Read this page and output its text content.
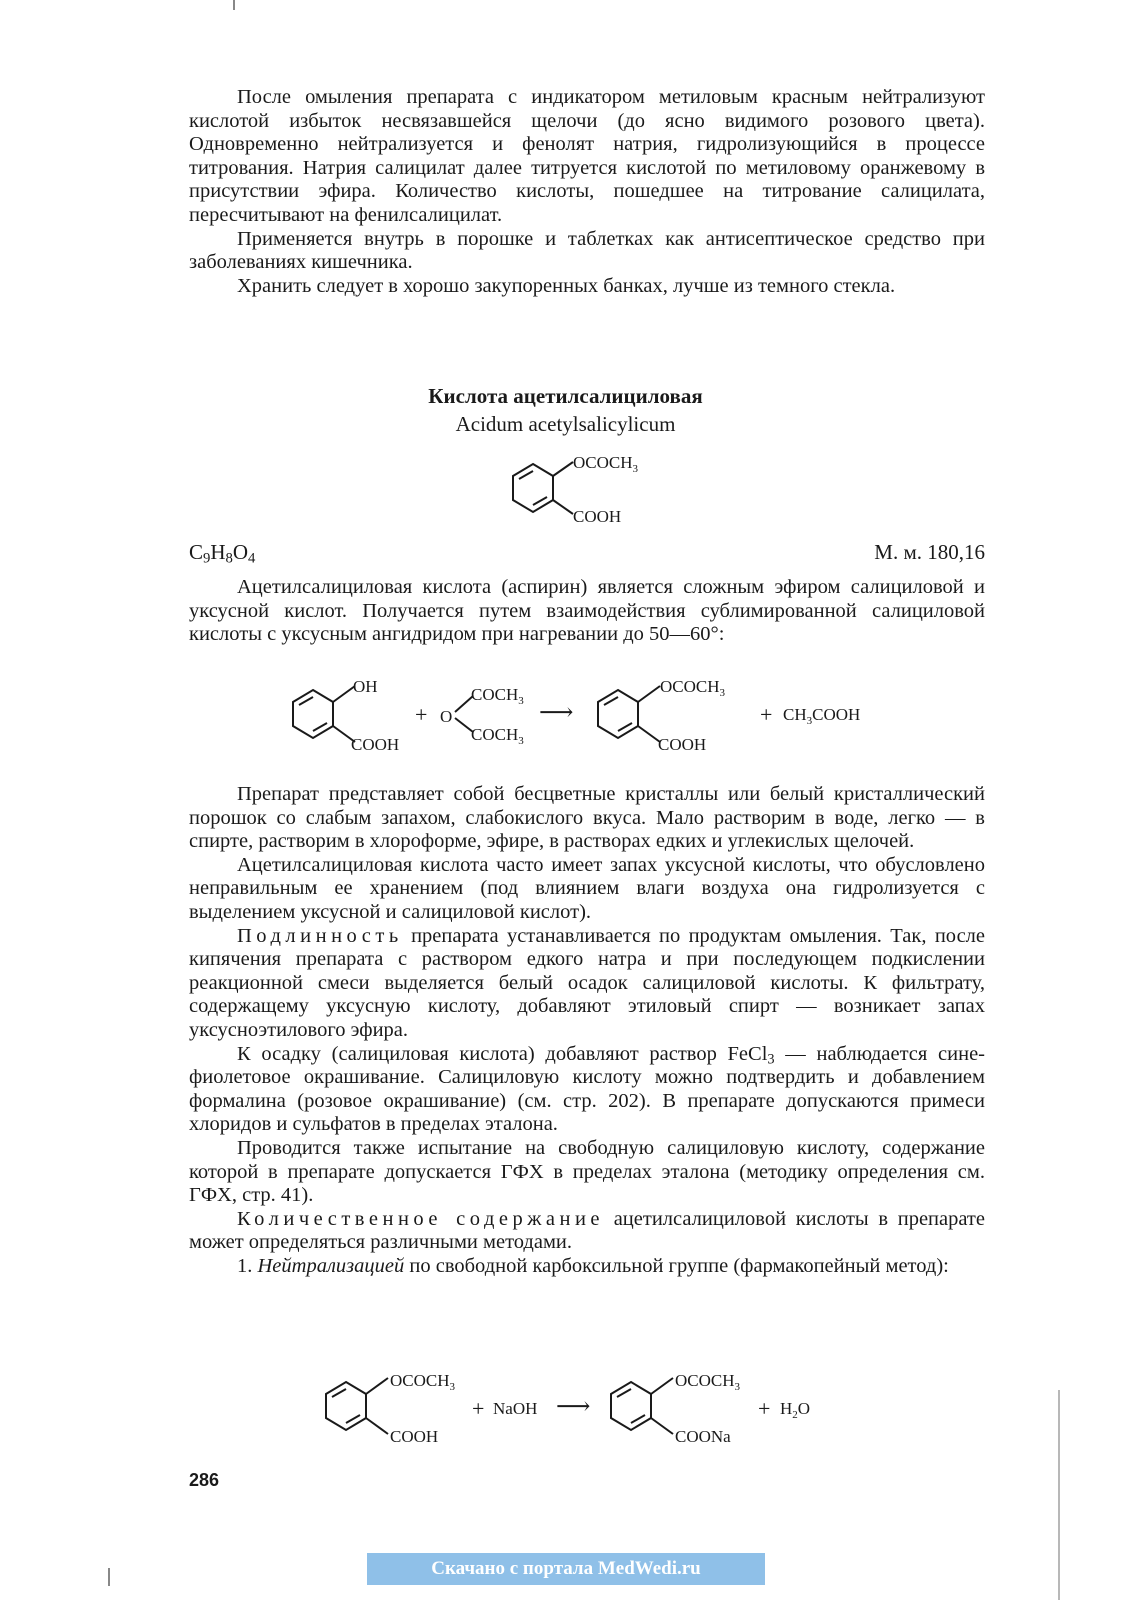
После омыления препарата с индикатором метиловым красным нейтрализуют кислотой избыток несвязавшейся щелочи (до ясно видимого розового цвета). Одновременно нейтрализуется и фенолят натрия, гидролизующийся в процессе титрования. Натрия салицилат далее титруется кислотой по метиловому оранжевому в присутствии эфира. Количество кислоты, пошедшее на титрование салицилата, пересчитывают на фенилсалицилат.

Применяется внутрь в порошке и таблетках как антисептическое средство при заболеваниях кишечника.

Хранить следует в хорошо закупоренных банках, лучше из темного стекла.

Кислота ацетилсалициловая
Acidum acetylsalicylicum
$OCOCH_3$
COOH
$C_9H_8O_4$	М. м. 180,16

Ацетилсалициловая кислота (аспирин) является сложным эфиром салициловой и уксусной кислот. Получается путем взаимодействия сублимированной салициловой кислоты с уксусным ангидридом при нагревании до 50—60°:

OH
COOH
+ O
$COCH_3$
$COCH_3$
⟶
$OCOCH_3$
COOH
+ $CH_3COOH$

Препарат представляет собой бесцветные кристаллы или белый кристаллический порошок со слабым запахом, слабокислого вкуса. Мало растворим в воде, легко — в спирте, растворим в хлороформе, эфире, в растворах едких и углекислых щелочей.

Ацетилсалициловая кислота часто имеет запах уксусной кислоты, что обусловлено неправильным ее хранением (под влиянием влаги воздуха она гидролизуется с выделением уксусной и салициловой кислот).

Подлинность препарата устанавливается по продуктам омыления. Так, после кипячения препарата с раствором едкого натра и при последующем подкислении реакционной смеси выделяется белый осадок салициловой кислоты. К фильтрату, содержащему уксусную кислоту, добавляют этиловый спирт — возникает запах уксусноэтилового эфира.

К осадку (салициловая кислота) добавляют раствор FeCl$_3$ — наблюдается сине-фиолетовое окрашивание. Салициловую кислоту можно подтвердить и добавлением формалина (розовое окрашивание) (см. стр. 202). В препарате допускаются примеси хлоридов и сульфатов в пределах эталона.

Проводится также испытание на свободную салициловую кислоту, содержание которой в препарате допускается ГФХ в пределах эталона (методику определения см. ГФХ, стр. 41).

Количественное содержание ацетилсалициловой кислоты в препарате может определяться различными методами.

1. Нейтрализацией по свободной карбоксильной группе (фармакопейный метод):

$OCOCH_3$
COOH
+ NaOH ⟶
$OCOCH_3$
COONa
+ $H_2O$
286
Скачано с портала MedWedi.ru
